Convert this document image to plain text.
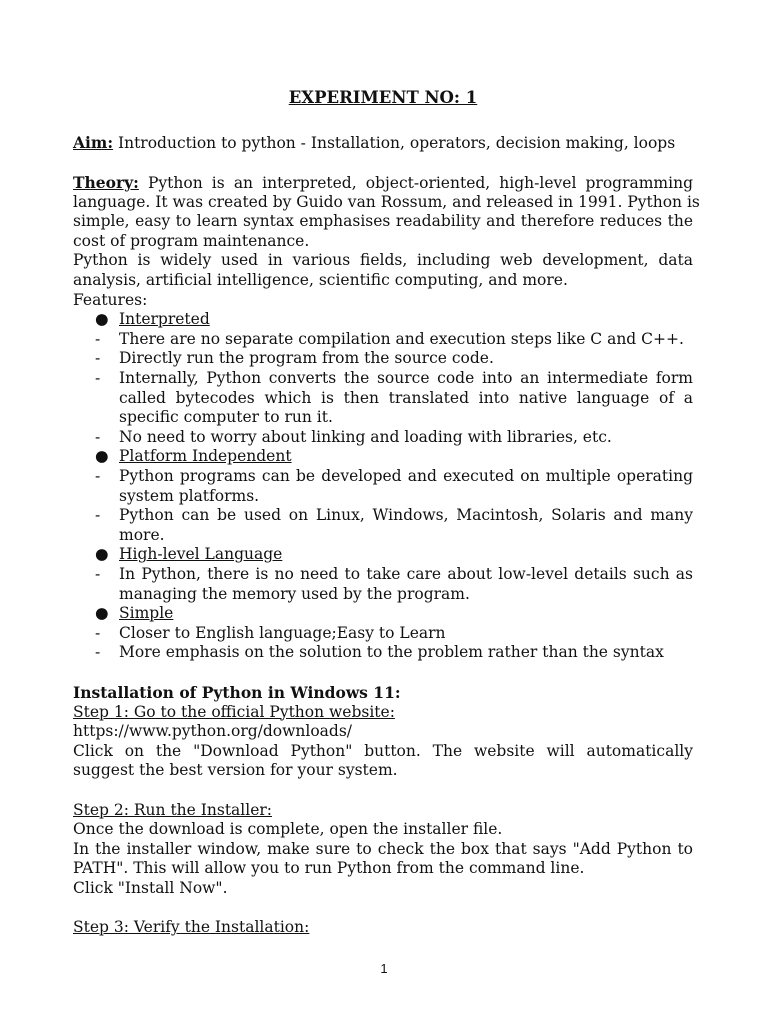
EXPERIMENT NO: 1
Aim: Introduction to python - Installation, operators, decision making, loops
Theory: Python is an interpreted, object-oriented, high-level programming
language. It was created by Guido van Rossum, and released in 1991. Python is
simple, easy to learn syntax emphasises readability and therefore reduces the
cost of program maintenance.
Python is widely used in various fields, including web development, data
analysis, artificial intelligence, scientific computing, and more.
Features:
● Interpreted
-	There are no separate compilation and execution steps like C and C++.
-	Directly run the program from the source code.
-	Internally, Python converts the source code into an intermediate form
called bytecodes which is then translated into native language of a
specific computer to run it.
-	No need to worry about linking and loading with libraries, etc.
● Platform Independent
-	Python programs can be developed and executed on multiple operating
system platforms.
-	Python can be used on Linux, Windows, Macintosh, Solaris and many
more.
● High-level Language
-	In Python, there is no need to take care about low-level details such as
managing the memory used by the program.
● Simple
-	Closer to English language;Easy to Learn
-	More emphasis on the solution to the problem rather than the syntax
Installation of Python in Windows 11:
Step 1: Go to the official Python website:
https://www.python.org/downloads/
Click on the "Download Python" button. The website will automatically
suggest the best version for your system.
Step 2: Run the Installer:
Once the download is complete, open the installer file.
In the installer window, make sure to check the box that says "Add Python to
PATH". This will allow you to run Python from the command line.
Click "Install Now".
Step 3: Verify the Installation:
1
